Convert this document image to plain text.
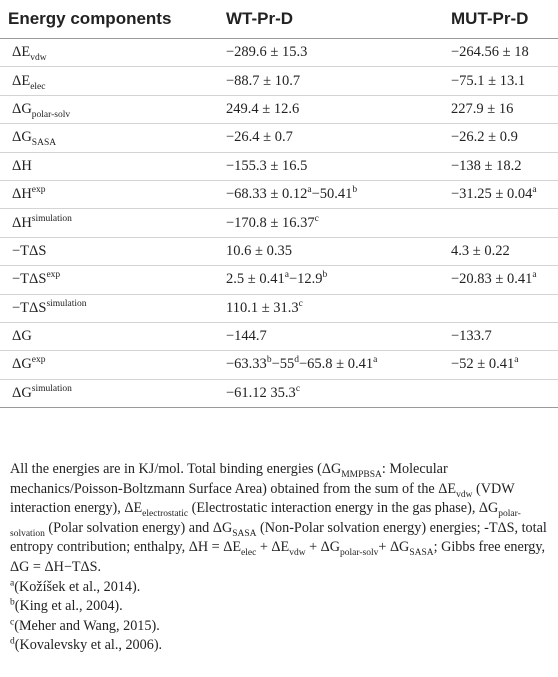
Energy components	WT-Pr-D	MUT-Pr-D
$\Delta E_{vdw}$	−289.6 ± 15.3	−264.56 ± 18
$\Delta E_{elec}$	−88.7 ± 10.7	−75.1 ± 13.1
$\Delta G_{polar-solv}$	249.4 ± 12.6	227.9 ± 16
$\Delta G_{SASA}$	−26.4 ± 0.7	−26.2 ± 0.9
ΔH	−155.3 ± 16.5	−138 ± 18.2
$\Delta H^{exp}$	−68.33 ± 0.12$^a$−50.41$^b$	−31.25 ± 0.04$^a$
$\Delta H^{simulation}$	−170.8 ± 16.37$^c$	
−TΔS	10.6 ± 0.35	4.3 ± 0.22
$-T\Delta S^{exp}$	2.5 ± 0.41$^a$−12.9$^b$	−20.83 ± 0.41$^a$
$-T\Delta S^{simulation}$	110.1 ± 31.3$^c$	
ΔG	−144.7	−133.7
$\Delta G^{exp}$	$-63.33^b-55^d-65.8 \pm 0.41^a$	−52 ± 0.41$^a$
$\Delta G^{simulation}$	−61.12 35.3$^c$	

All the energies are in KJ/mol. Total binding energies ($\Delta G_{MMPBSA}$: Molecular mechanics/Poisson-Boltzmann Surface Area) obtained from the sum of the $\Delta E_{vdw}$ (VDW interaction energy), $\Delta E_{electrostatic}$ (Electrostatic interaction energy in the gas phase), $\Delta G_{polar-solvation}$ (Polar solvation energy) and $\Delta G_{SASA}$ (Non-Polar solvation energy) energies; -TΔS, total entropy contribution; enthalpy, $\Delta H = \Delta E_{elec} + \Delta E_{vdw} + \Delta G_{polar-solv}+ \Delta G_{SASA}$; Gibbs free energy, ΔG = ΔH−TΔS.

$^a$(Kožíšek et al., 2014).

$^b$(King et al., 2004).

$^c$(Meher and Wang, 2015).

$^d$(Kovalevsky et al., 2006).
